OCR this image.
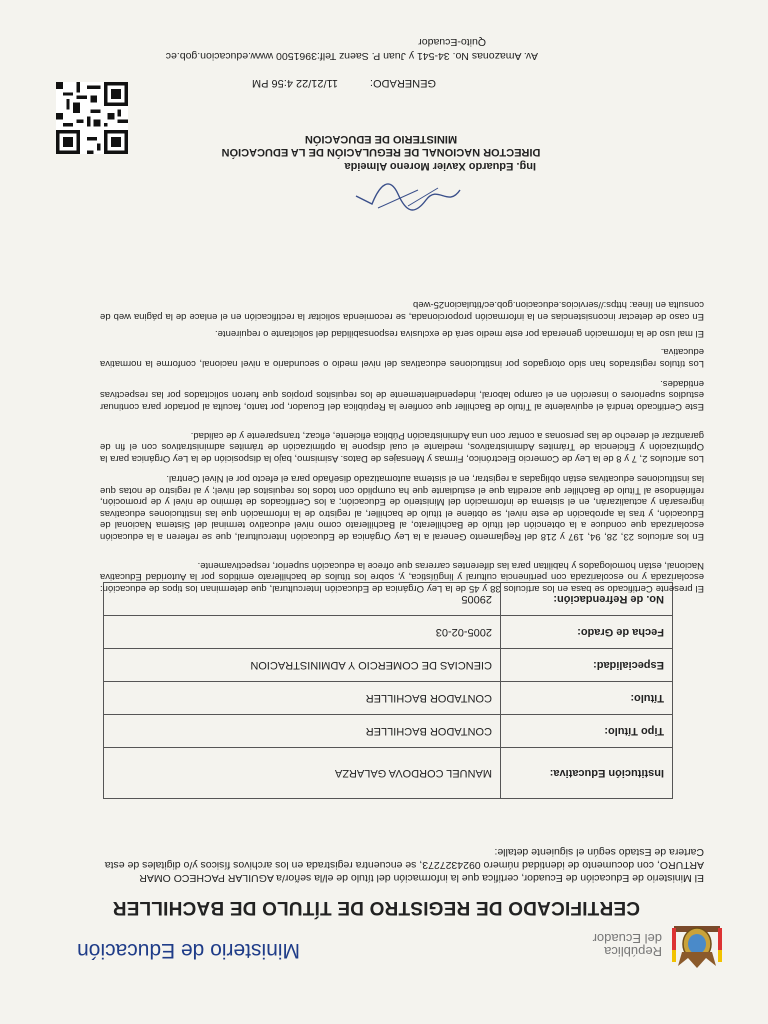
República
del Ecuador
Ministerio de Educación
CERTIFICADO DE REGISTRO DE TÍTULO DE BACHILLER
El Ministerio de Educación de Ecuador, certifica que la información del título de el/la señor/a AGUILAR PACHECO OMAR ARTURO, con documento de identidad número 0924327273, se encuentra registrada en los archivos físicos y/o digitales de esta Cartera de Estado según el siguiente detalle:
Institución Educativa:	MANUEL CORDOVA GALARZA
Tipo Título:	CONTADOR BACHILLER
Título:	CONTADOR BACHILLER
Especialidad:	CIENCIAS DE COMERCIO Y ADMINISTRACION
Fecha de Grado:	2005-02-03
No. de Refrendación:	29005
El presente Certificado se basa en los artículos 38 y 45 de la Ley Orgánica de Educación Intercultural, que determinan los tipos de educación: escolarizada y no escolarizada con pertinencia cultural y lingüística, y, sobre los títulos de bachillerato emitidos por la Autoridad Educativa Nacional, están homologados y habilitan para las diferentes carreras que ofrece la educación superior, respectivamente.
En los artículos 23, 28, 94, 197 y 218 del Reglamento General a la Ley Orgánica de Educación Intercultural, que se refieren a la educación escolarizada que conduce a la obtención del título de Bachillerato, al Bachillerato como nivel educativo terminal del Sistema Nacional de Educación, y tras la aprobación de este nivel, se obtiene el título de bachiller, al registro de la información que las instituciones educativas ingresarán y actualizarán, en el sistema de información del Ministerio de Educación; a los Certificados de término de nivel y de promoción, refiriéndose al Título de Bachiller que acredita que el estudiante que ha cumplido con todos los requisitos del nivel; y al registro de notas que las instituciones educativas están obligadas a registrar, en el sistema automatizado diseñado para el efecto por el Nivel Central.
Los artículos 2, 7 y 8 de la Ley de Comercio Electrónico, Firmas y Mensajes de Datos. Asimismo, bajo la disposición de la Ley Orgánica para la Optimización y Eficiencia de Trámites Administrativos, mediante el cual dispone la optimización de trámites administrativos con el fin de garantizar el derecho de las personas a contar con una Administración Pública eficiente, eficaz, transparente y de calidad.
Este Certificado tendrá el equivalente al Título de Bachiller que confiere la República del Ecuador, por tanto, faculta al portador para continuar estudios superiores o inserción en el campo laboral, independientemente de los requisitos propios que fueron solicitados por las respectivas entidades.
Los títulos registrados han sido otorgados por instituciones educativas del nivel medio o secundario a nivel nacional, conforme la normativa educativa.
El mal uso de la información generada por este medio será de exclusiva responsabilidad del solicitante o requirente.
En caso de detectar inconsistencias en la información proporcionada, se recomienda solicitar la rectificación en el enlace de la página web de consulta en línea: https://servicios.educacion.gob.ec/titulacion25-web
Ing. Eduardo Xavier Moreno Almeida
DIRECTOR NACIONAL DE REGULACIÓN DE LA EDUCACIÓN
MINISTERIO DE EDUCACIÓN
GENERADO:
11/21/22 4:56 PM
Av. Amazonas No. 34-541 y Juan P. Saenz Telf:3961500 www.educacion.gob.ec
Quito-Ecuador
